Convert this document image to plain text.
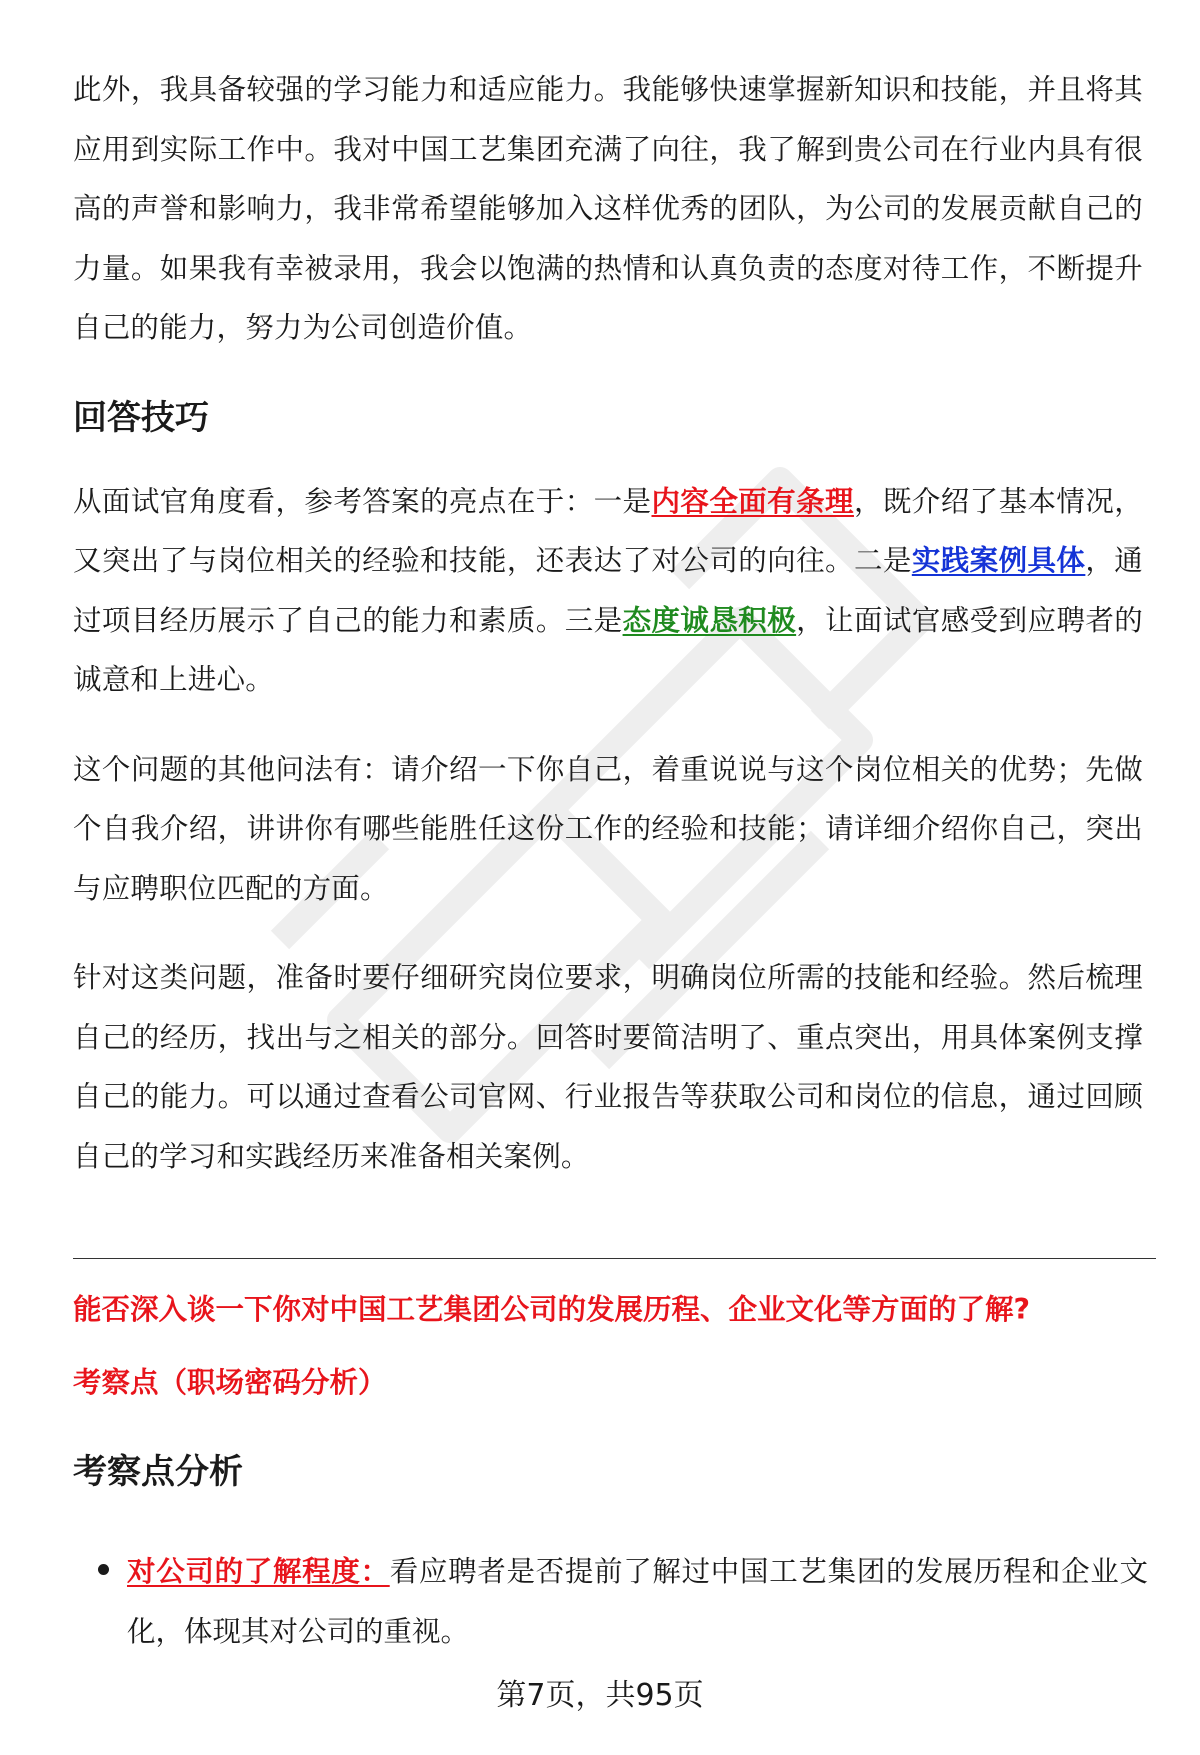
此外，我具备较强的学习能力和适应能力。我能够快速掌握新知识和技能，并且将其应用到实际工作中。我对中国工艺集团充满了向往，我了解到贵公司在行业内具有很高的声誉和影响力，我非常希望能够加入这样优秀的团队，为公司的发展贡献自己的力量。如果我有幸被录用，我会以饱满的热情和认真负责的态度对待工作，不断提升自己的能力，努力为公司创造价值。

回答技巧

从面试官角度看，参考答案的亮点在于：一是内容全面有条理，既介绍了基本情况，又突出了与岗位相关的经验和技能，还表达了对公司的向往。二是实践案例具体，通过项目经历展示了自己的能力和素质。三是态度诚恳积极，让面试官感受到应聘者的诚意和上进心。

这个问题的其他问法有：请介绍一下你自己，着重说说与这个岗位相关的优势；先做个自我介绍，讲讲你有哪些能胜任这份工作的经验和技能；请详细介绍你自己，突出与应聘职位匹配的方面。

针对这类问题，准备时要仔细研究岗位要求，明确岗位所需的技能和经验。然后梳理自己的经历，找出与之相关的部分。回答时要简洁明了、重点突出，用具体案例支撑自己的能力。可以通过查看公司官网、行业报告等获取公司和岗位的信息，通过回顾自己的学习和实践经历来准备相关案例。

能否深入谈一下你对中国工艺集团公司的发展历程、企业文化等方面的了解?
考察点（职场密码分析）
考察点分析
对公司的了解程度：看应聘者是否提前了解过中国工艺集团的发展历程和企业文化，体现其对公司的重视。
第7页，共95页
